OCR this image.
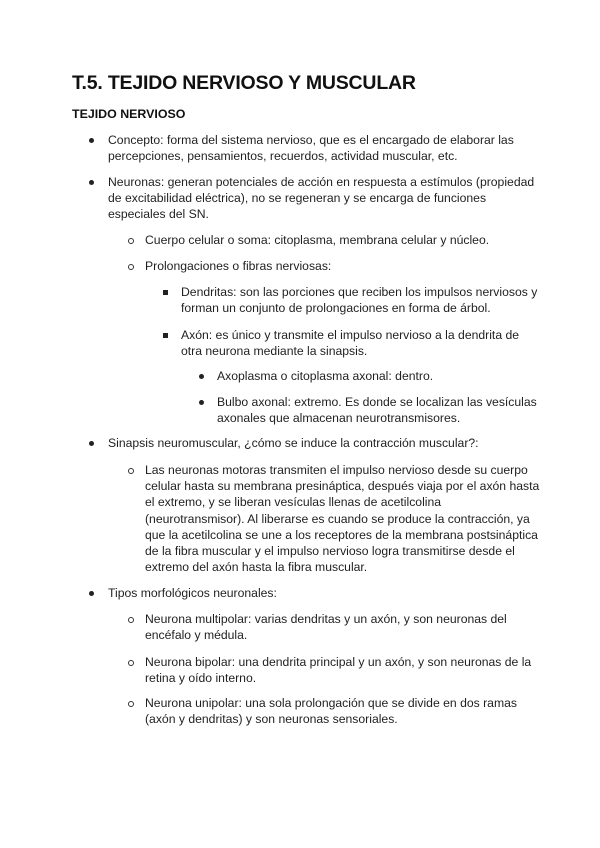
T.5. TEJIDO NERVIOSO Y MUSCULAR
TEJIDO NERVIOSO
Concepto: forma del sistema nervioso, que es el encargado de elaborar las percepciones, pensamientos, recuerdos, actividad muscular, etc.
Neuronas: generan potenciales de acción en respuesta a estímulos (propiedad de excitabilidad eléctrica), no se regeneran y se encarga de funciones especiales del SN.
Cuerpo celular o soma: citoplasma, membrana celular y núcleo.
Prolongaciones o fibras nerviosas:
Dendritas: son las porciones que reciben los impulsos nerviosos y forman un conjunto de prolongaciones en forma de árbol.
Axón: es único y transmite el impulso nervioso a la dendrita de otra neurona mediante la sinapsis.
Axoplasma o citoplasma axonal: dentro.
Bulbo axonal: extremo. Es donde se localizan las vesículas axonales que almacenan neurotransmisores.
Sinapsis neuromuscular, ¿cómo se induce la contracción muscular?:
Las neuronas motoras transmiten el impulso nervioso desde su cuerpo celular hasta su membrana presináptica, después viaja por el axón hasta el extremo, y se liberan vesículas llenas de acetilcolina (neurotransmisor). Al liberarse es cuando se produce la contracción, ya que la acetilcolina se une a los receptores de la membrana postsináptica de la fibra muscular y el impulso nervioso logra transmitirse desde el extremo del axón hasta la fibra muscular.
Tipos morfológicos neuronales:
Neurona multipolar: varias dendritas y un axón, y son neuronas del encéfalo y médula.
Neurona bipolar: una dendrita principal y un axón, y son neuronas de la retina y oído interno.
Neurona unipolar: una sola prolongación que se divide en dos ramas (axón y dendritas) y son neuronas sensoriales.
